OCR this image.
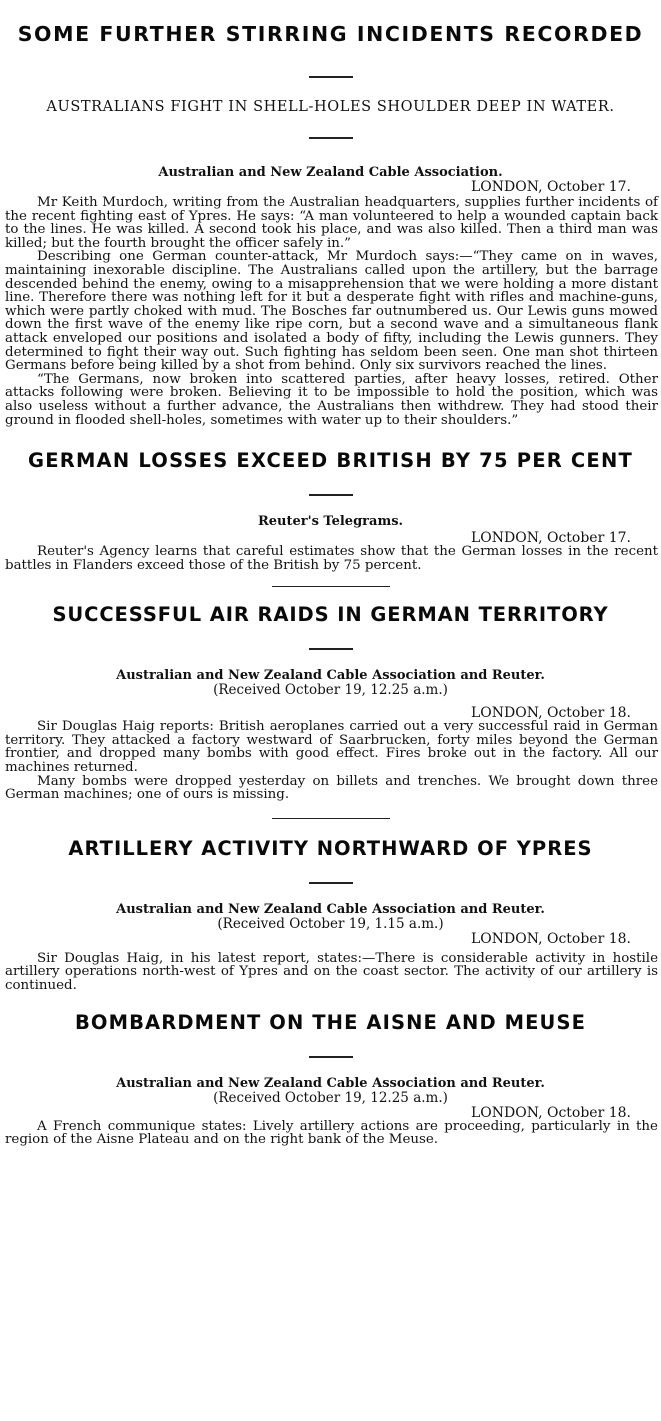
SOME FURTHER STIRRING INCIDENTS RECORDED

AUSTRALIANS FIGHT IN SHELL-HOLES SHOULDER DEEP IN WATER.

Australian and New Zealand Cable Association.

LONDON, October 17.

Mr Keith Murdoch, writing from the Australian headquarters, supplies further incidents of the recent fighting east of Ypres. He says: “A man volunteered to help a wounded captain back to the lines. He was killed. A second took his place, and was also killed. Then a third man was killed; but the fourth brought the officer safely in.”

Describing one German counter-attack, Mr Murdoch says:—“They came on in waves, maintaining inexorable discipline. The Australians called upon the artillery, but the barrage descended behind the enemy, owing to a misapprehension that we were holding a more distant line. Therefore there was nothing left for it but a desperate fight with rifles and machine-guns, which were partly choked with mud. The Bosches far outnumbered us. Our Lewis guns mowed down the first wave of the enemy like ripe corn, but a second wave and a simultaneous flank attack enveloped our positions and isolated a body of fifty, including the Lewis gunners. They determined to fight their way out. Such fighting has seldom been seen. One man shot thirteen Germans before being killed by a shot from behind. Only six survivors reached the lines.

“The Germans, now broken into scattered parties, after heavy losses, retired. Other attacks following were broken. Believing it to be impossible to hold the position, which was also useless without a further advance, the Australians then withdrew. They had stood their ground in flooded shell-holes, sometimes with water up to their shoulders.”

GERMAN LOSSES EXCEED BRITISH BY 75 PER CENT

Reuter's Telegrams.

LONDON, October 17.

Reuter's Agency learns that careful estimates show that the German losses in the recent battles in Flanders exceed those of the British by 75 percent.

SUCCESSFUL AIR RAIDS IN GERMAN TERRITORY

Australian and New Zealand Cable Association and Reuter.

(Received October 19, 12.25 a.m.)

LONDON, October 18.

Sir Douglas Haig reports: British aeroplanes carried out a very successful raid in German territory. They attacked a factory westward of Saarbrucken, forty miles beyond the German frontier, and dropped many bombs with good effect. Fires broke out in the factory. All our machines returned.

Many bombs were dropped yesterday on billets and trenches. We brought down three German machines; one of ours is missing.

ARTILLERY ACTIVITY NORTHWARD OF YPRES

Australian and New Zealand Cable Association and Reuter.

(Received October 19, 1.15 a.m.)

LONDON, October 18.

Sir Douglas Haig, in his latest report, states:—There is considerable activity in hostile artillery operations north-west of Ypres and on the coast sector. The activity of our artillery is continued.

BOMBARDMENT ON THE AISNE AND MEUSE

Australian and New Zealand Cable Association and Reuter.

(Received October 19, 12.25 a.m.)

LONDON, October 18.

A French communique states: Lively artillery actions are proceeding, particularly in the region of the Aisne Plateau and on the right bank of the Meuse.
